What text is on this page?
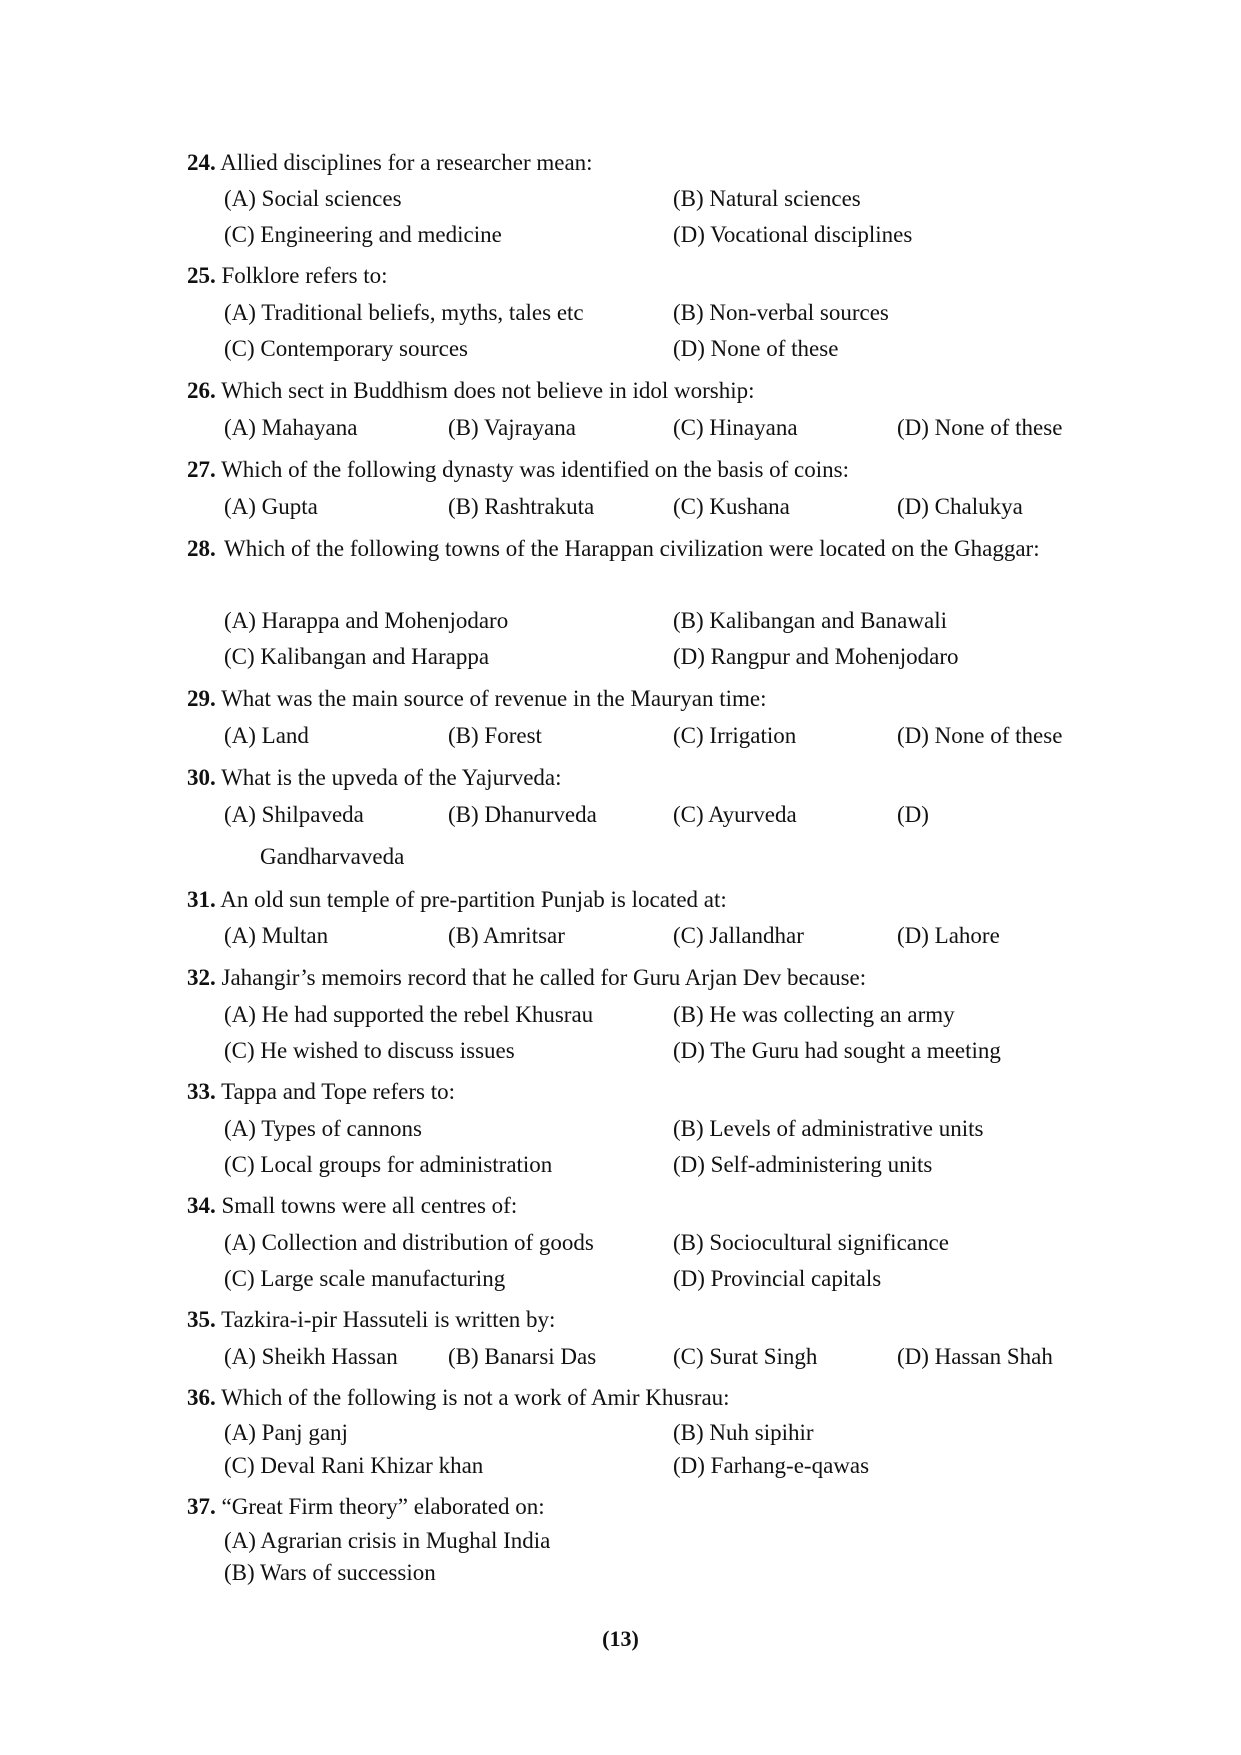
24. Allied disciplines for a researcher mean:
(A) Social sciences	(B) Natural sciences
(C) Engineering and medicine	(D) Vocational disciplines
25. Folklore refers to:
(A) Traditional beliefs, myths, tales etc	(B) Non-verbal sources
(C) Contemporary sources	(D) None of these
26. Which sect in Buddhism does not believe in idol worship:
(A) Mahayana	(B) Vajrayana	(C) Hinayana	(D) None of these
27. Which of the following dynasty was identified on the basis of coins:
(A) Gupta	(B) Rashtrakuta	(C) Kushana	(D) Chalukya
28. Which of the following towns of the Harappan civilization were located on the Ghaggar:
(A) Harappa and Mohenjodaro	(B) Kalibangan and Banawali
(C) Kalibangan and Harappa	(D) Rangpur and Mohenjodaro
29. What was the main source of revenue in the Mauryan time:
(A) Land	(B) Forest	(C) Irrigation	(D) None of these
30. What is the upveda of the Yajurveda:
(A) Shilpaveda	(B) Dhanurveda	(C) Ayurveda	(D)
Gandharvaveda
31. An old sun temple of pre-partition Punjab is located at:
(A) Multan	(B) Amritsar	(C) Jallandhar	(D) Lahore
32. Jahangir’s memoirs record that he called for Guru Arjan Dev because:
(A) He had supported the rebel Khusrau	(B) He was collecting an army
(C) He wished to discuss issues	(D) The Guru had sought a meeting
33. Tappa and Tope refers to:
(A) Types of cannons	(B) Levels of administrative units
(C) Local groups for administration	(D) Self-administering units
34. Small towns were all centres of:
(A) Collection and distribution of goods	(B) Sociocultural significance
(C) Large scale manufacturing	(D) Provincial capitals
35. Tazkira-i-pir Hassuteli is written by:
(A) Sheikh Hassan (B) Banarsi Das	(C) Surat Singh	(D) Hassan Shah
36. Which of the following is not a work of Amir Khusrau:
(A) Panj ganj	(B) Nuh sipihir
(C) Deval Rani Khizar khan	(D) Farhang-e-qawas
37. “Great Firm theory” elaborated on:
(A) Agrarian crisis in Mughal India
(B) Wars of succession
(13)
